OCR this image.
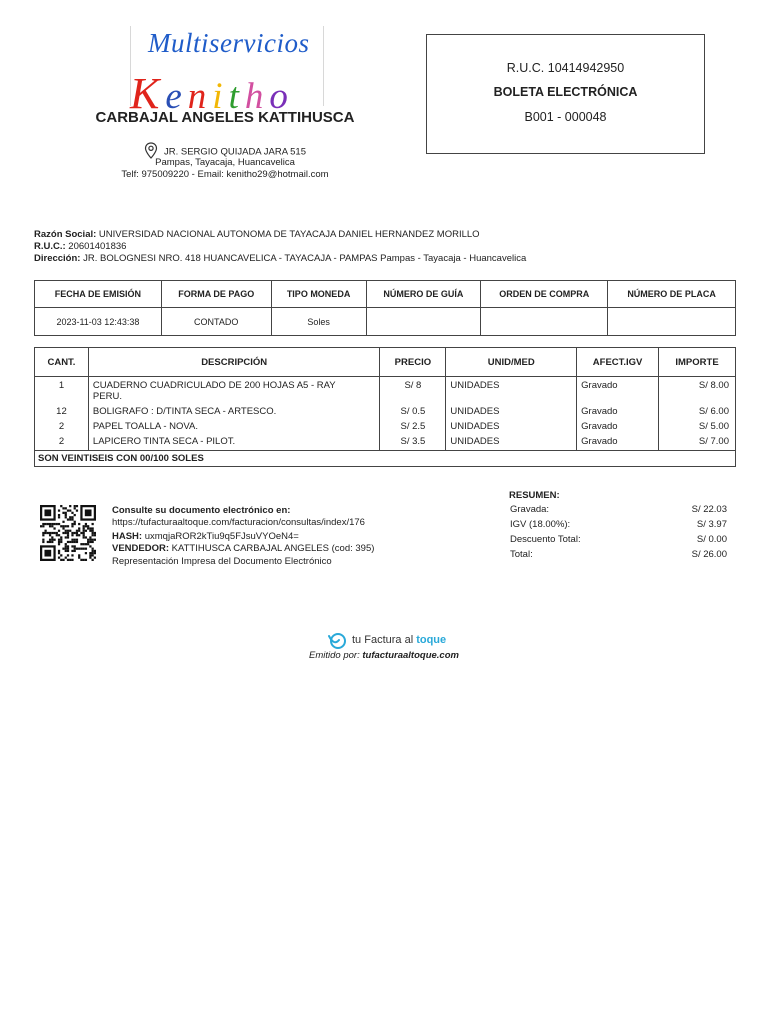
Multiservicios
Kenitho
CARBAJAL ANGELES KATTIHUSCA
JR. SERGIO QUIJADA JARA 515
Pampas, Tayacaja, Huancavelica
Telf: 975009220 - Email: kenitho29@hotmail.com
R.U.C. 10414942950
BOLETA ELECTRÓNICA
B001 - 000048
Razón Social: UNIVERSIDAD NACIONAL AUTONOMA DE TAYACAJA DANIEL HERNANDEZ MORILLO
R.U.C.: 20601401836
Dirección: JR. BOLOGNESI NRO. 418 HUANCAVELICA - TAYACAJA - PAMPAS Pampas - Tayacaja - Huancavelica
FECHA DE EMISIÓN	FORMA DE PAGO	TIPO MONEDA	NÚMERO DE GUÍA	ORDEN DE COMPRA	NÚMERO DE PLACA
2023-11-03 12:43:38	CONTADO	Soles			
CANT.	DESCRIPCIÓN	PRECIO	UNID/MED	AFECT.IGV	IMPORTE
1	CUADERNO CUADRICULADO DE 200 HOJAS A5 - RAY PERU.	S/ 8	UNIDADES	Gravado	S/ 8.00
12	BOLIGRAFO : D/TINTA SECA - ARTESCO.	S/ 0.5	UNIDADES	Gravado	S/ 6.00
2	PAPEL TOALLA - NOVA.	S/ 2.5	UNIDADES	Gravado	S/ 5.00
2	LAPICERO TINTA SECA - PILOT.	S/ 3.5	UNIDADES	Gravado	S/ 7.00
SON VEINTISEIS CON 00/100 SOLES					
Consulte su documento electrónico en:
https://tufacturaaltoque.com/facturacion/consultas/index/176
HASH: uxmqjaROR2kTiu9q5FJsuVYOeN4=
VENDEDOR: KATTIHUSCA CARBAJAL ANGELES (cod: 395)
Representación Impresa del Documento Electrónico
RESUMEN:
Gravada:	S/ 22.03
IGV (18.00%):	S/ 3.97
Descuento Total:	S/ 0.00
Total:	S/ 26.00
tu Factura al toque
Emitido por: tufacturaaltoque.com
